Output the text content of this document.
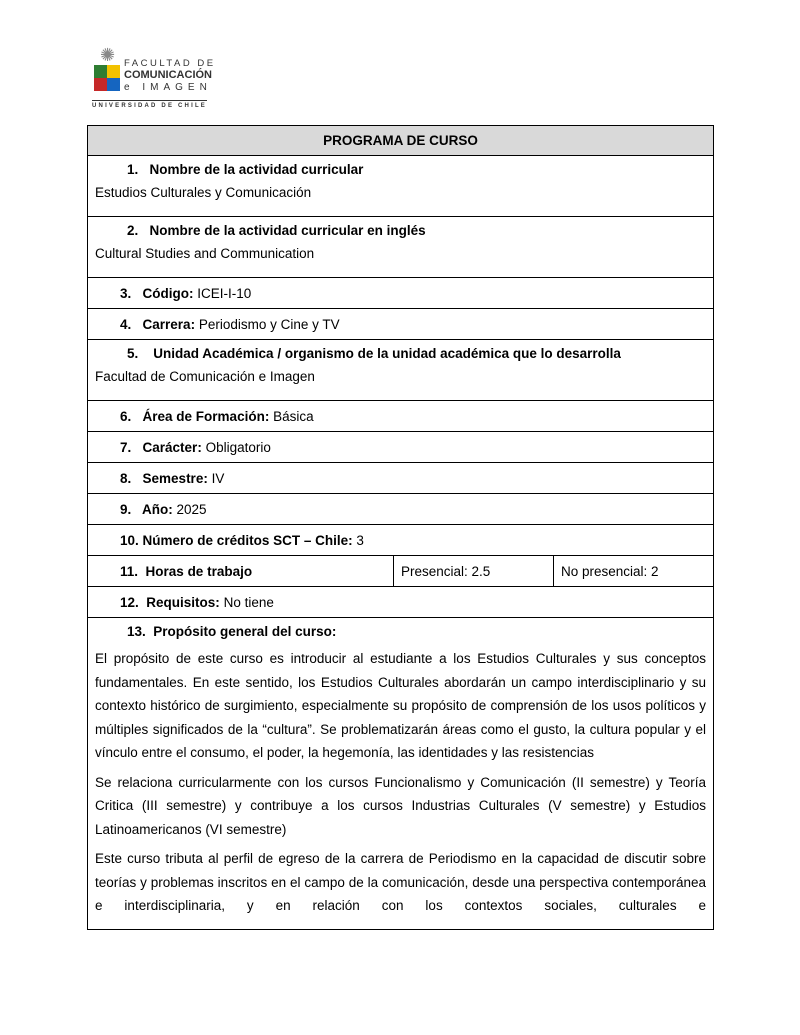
✺ FACULTAD DE
COMUNICACIÓN
e IMAGEN
UNIVERSIDAD DE CHILE
PROGRAMA DE CURSO

1. Nombre de la actividad curricular
Estudios Culturales y Comunicación

2. Nombre de la actividad curricular en inglés
Cultural Studies and Communication

3. Código: ICEI-I-10
4. Carrera: Periodismo y Cine y TV

5. Unidad Académica / organismo de la unidad académica que lo desarrolla
Facultad de Comunicación e Imagen

6. Área de Formación: Básica
7. Carácter: Obligatorio
8. Semestre: IV
9. Año: 2025
10. Número de créditos SCT – Chile: 3
11. Horas de trabajo	Presencial: 2.5	No presencial: 2
12. Requisitos: No tiene

13. Propósito general del curso:

El propósito de este curso es introducir al estudiante a los Estudios Culturales y sus conceptos fundamentales. En este sentido, los Estudios Culturales abordarán un campo interdisciplinario y su contexto histórico de surgimiento, especialmente su propósito de comprensión de los usos políticos y múltiples significados de la “cultura”. Se problematizarán áreas como el gusto, la cultura popular y el vínculo entre el consumo, el poder, la hegemonía, las identidades y las resistencias

Se relaciona curricularmente con los cursos Funcionalismo y Comunicación (II semestre) y Teoría Critica (III semestre) y contribuye a los cursos Industrias Culturales (V semestre) y Estudios Latinoamericanos (VI semestre)

Este curso tributa al perfil de egreso de la carrera de Periodismo en la capacidad de discutir sobre teorías y problemas inscritos en el campo de la comunicación, desde una perspectiva contemporánea e interdisciplinaria, y en relación con los contextos sociales, culturales e
